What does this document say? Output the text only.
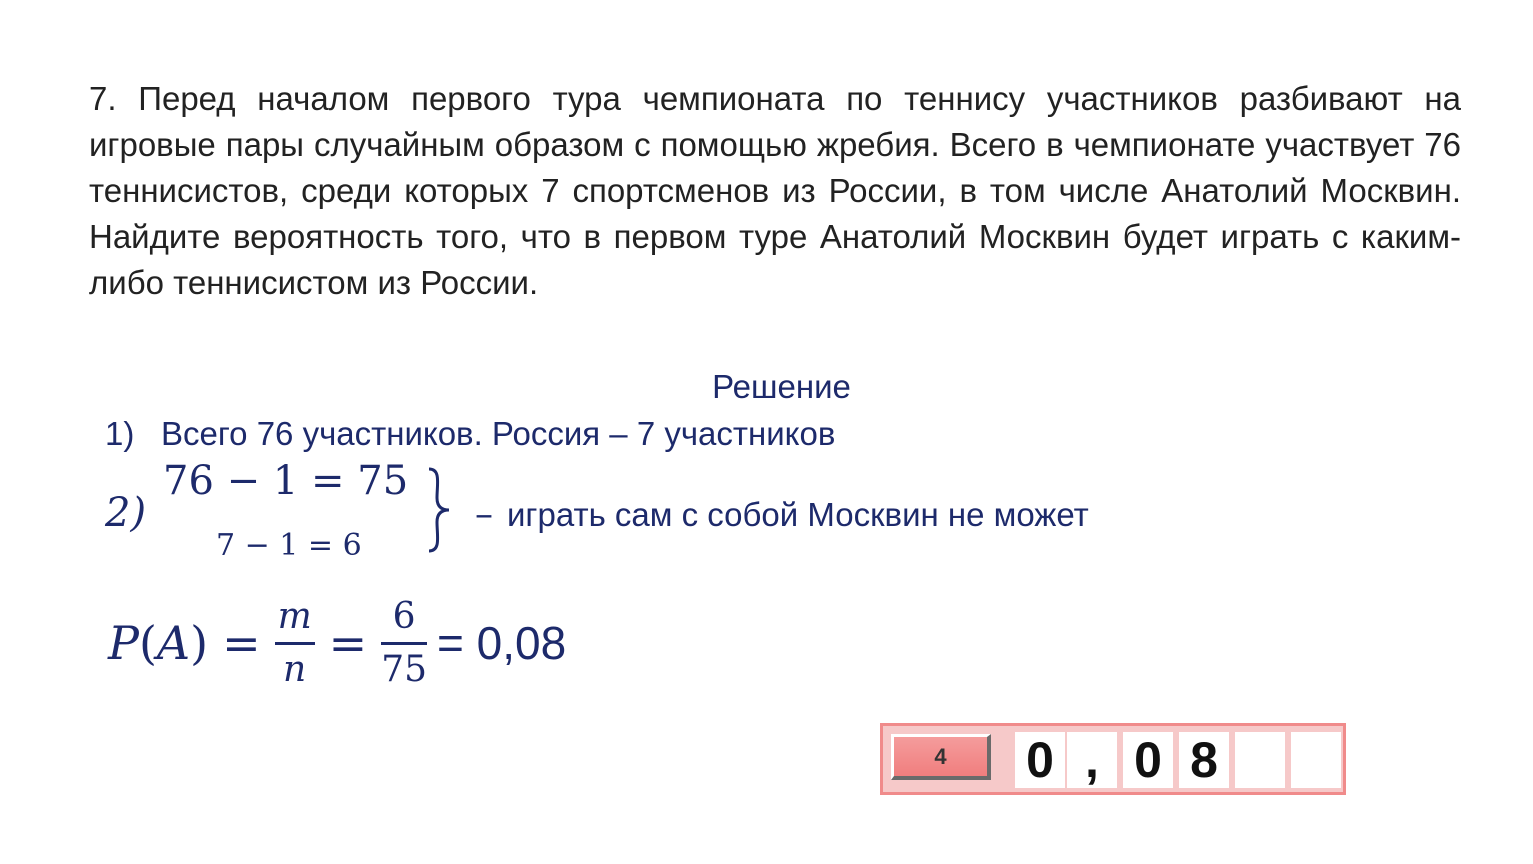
7. Перед началом первого тура чемпионата по теннису участников разбивают на игровые пары случайным образом с помощью жребия. Всего в чемпионате участвует 76 теннисистов, среди которых 7 спортсменов из России, в том числе Анатолий Москвин. Найдите вероятность того, что в первом туре Анатолий Москвин будет играть с каким-либо теннисистом из России.
Решение
1) Всего 76 участников. Россия – 7 участников
2)
76 − 1 = 75
7 − 1 = 6
– играть сам с собой Москвин не может
$P(A) = \frac{m}{n} = \frac{6}{75} = 0,08$
4	0 , 0 8
